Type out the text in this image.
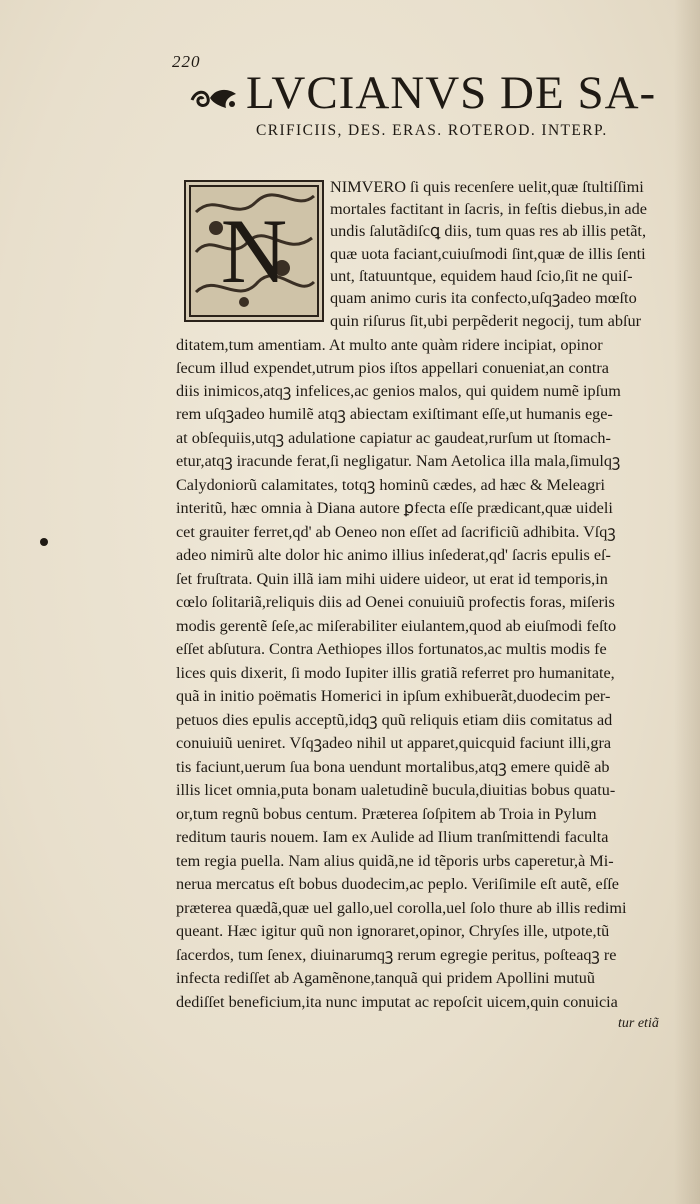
220
LVCIANVS DE SA-
CRIFICIIS, DES. ERAS. ROTEROD. INTERP.
N
NIMVERO ſi quis recenſere uelit,quæ ſtultiſſimi
mortales factitant in ſacris, in feſtis diebus,in ade
undis ſalutãdiſcꝗ diis, tum quas res ab illis petãt,
quæ uota faciant,cuiuſmodi ſint,quæ de illis ſenti
unt, ſtatuuntque, equidem haud ſcio,ſit ne quiſ-
quam animo curis ita confecto,uſqꝫadeo mœſto
quin riſurus ſit,ubi perpẽderit negocij, tum abſur
ditatem,tum amentiam. At multo ante quàm ridere incipiat, opinor
ſecum illud expendet,utrum pios iſtos appellari conueniat,an contra
diis inimicos,atqꝫ infelices,ac genios malos, qui quidem numẽ ipſum
rem uſqꝫadeo humilẽ atqꝫ abiectam exiſtimant eſſe,ut humanis ege-
at obſequiis,utqꝫ adulatione capiatur ac gaudeat,rurſum ut ſtomach-
etur,atqꝫ iracunde ferat,ſi negligatur. Nam Aetolica illa mala,ſimulqꝫ
Calydoniorũ calamitates, totqꝫ hominũ cædes, ad hæc & Meleagri
interitũ, hæc omnia à Diana autore ꝑfecta eſſe prædicant,quæ uideli
cet grauiter ferret,qd' ab Oeneo non eſſet ad ſacrificiũ adhibita. Vſqꝫ
adeo nimirũ alte dolor hic animo illius inſederat,qd' ſacris epulis eſ-
ſet fruſtrata. Quin illã iam mihi uidere uideor, ut erat id temporis,in
cœlo ſolitariã,reliquis diis ad Oenei conuiuiũ profectis foras, miſeris
modis gerentẽ ſeſe,ac miſerabiliter eiulantem,quod ab eiuſmodi feſto
eſſet abſutura. Contra Aethiopes illos fortunatos,ac multis modis fe
lices quis dixerit, ſi modo Iupiter illis gratiã referret pro humanitate,
quã in initio poëmatis Homerici in ipſum exhibuerãt,duodecim per-
petuos dies epulis acceptũ,idqꝫ quũ reliquis etiam diis comitatus ad
conuiuiũ ueniret. Vſqꝫadeo nihil ut apparet,quicquid faciunt illi,gra
tis faciunt,uerum ſua bona uendunt mortalibus,atqꝫ emere quidẽ ab
illis licet omnia,puta bonam ualetudinẽ bucula,diuitias bobus quatu-
or,tum regnũ bobus centum. Præterea ſoſpitem ab Troia in Pylum
reditum tauris nouem. Iam ex Aulide ad Ilium tranſmittendi faculta
tem regia puella. Nam alius quidã,ne id tẽporis urbs caperetur,à Mi-
nerua mercatus eſt bobus duodecim,ac peplo. Veriſimile eſt autẽ, eſſe
præterea quædã,quæ uel gallo,uel corolla,uel ſolo thure ab illis redimi
queant. Hæc igitur quũ non ignoraret,opinor, Chryſes ille, utpote,tũ
ſacerdos, tum ſenex, diuinarumqꝫ rerum egregie peritus, poſteaqꝫ re
infecta rediſſet ab Agamẽnone,tanquã qui pridem Apollini mutuũ
dediſſet beneficium,ita nunc imputat ac repoſcit uicem,quin conuicia
tur etiã
